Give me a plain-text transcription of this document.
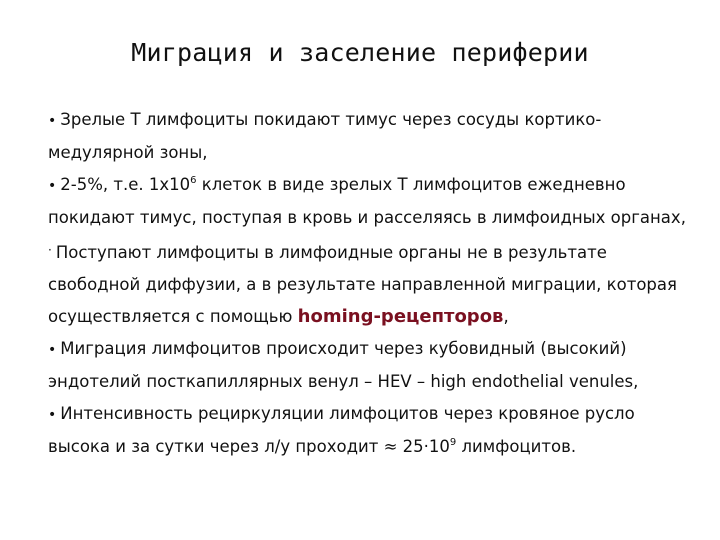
Миграция и заселение периферии

• Зрелые Т лимфоциты покидают тимус через сосуды кортико-медулярной зоны,

• 2-5%, т.е. $1х10^6$ клеток в виде зрелых Т лимфоцитов ежедневно покидают тимус, поступая в кровь и расселяясь в лимфоидных органах,

· Поступают лимфоциты в лимфоидные органы не в результате свободной диффузии, а в результате направленной миграции, которая осуществляется с помощью homing-рецепторов,

• Миграция лимфоцитов происходит через кубовидный (высокий) эндотелий посткапиллярных венул – HEV – high endothelial venules,

• Интенсивность рециркуляции лимфоцитов через кровяное русло высока и за сутки через л/у проходит ≈ $25\cdot 10^9$ лимфоцитов.
